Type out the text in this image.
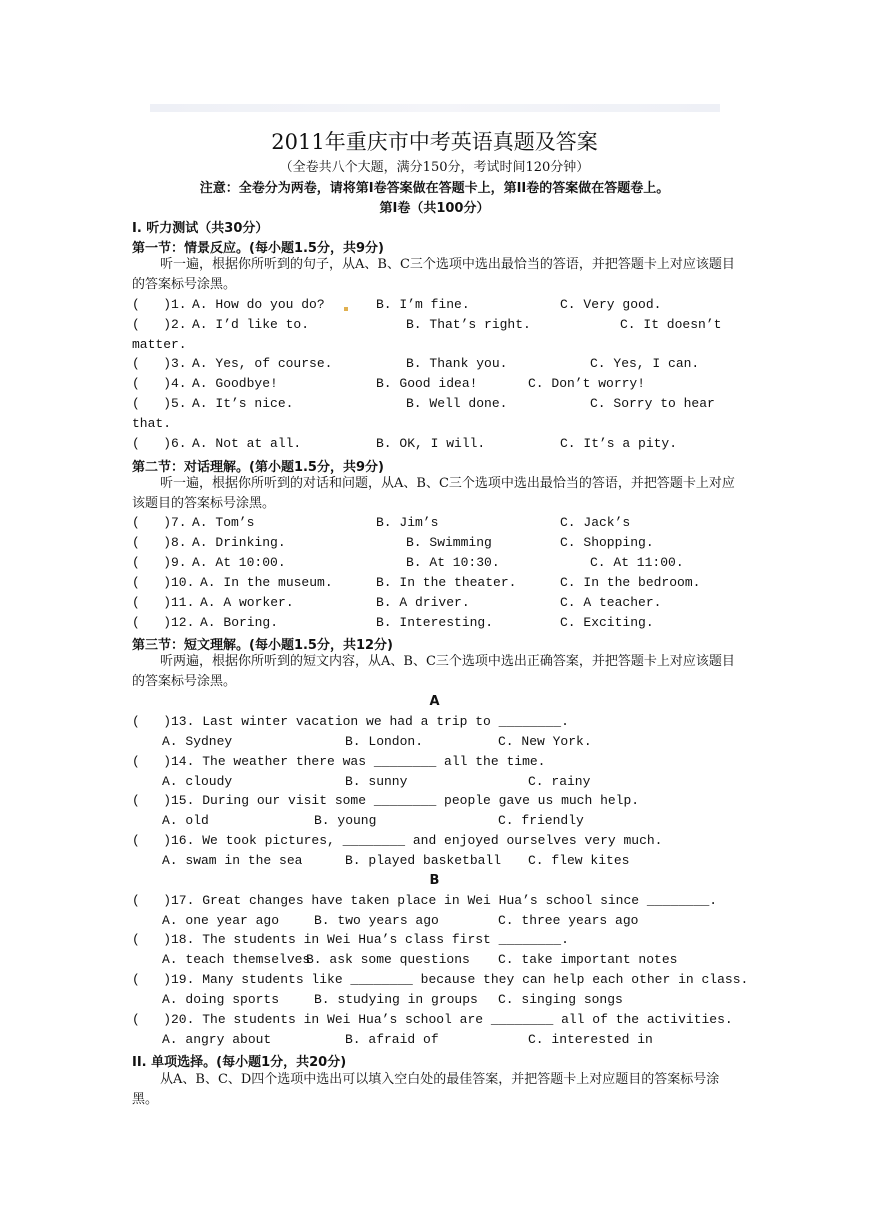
2011年重庆市中考英语真题及答案
（全卷共八个大题，满分150分，考试时间120分钟）
注意：全卷分为两卷，请将第I卷答案做在答题卡上，第II卷的答案做在答题卷上。
第I卷（共100分）
I. 听力测试（共30分）
第一节：情景反应。(每小题1.5分，共9分)
听一遍，根据你所听到的句子，从A、B、C三个选项中选出最恰当的答语，并把答题卡上对应该题目的答案标号涂黑。
(   )1. A. How do you do?	B. I’m fine.	C. Very good.
(   )2. A. I’d like to.	B. That’s right.	C. It doesn’t
matter.
(   )3. A. Yes, of course.	B. Thank you.	C. Yes, I can.
(   )4. A. Goodbye!	B. Good idea!	C. Don’t worry!
(   )5. A. It’s nice.	B. Well done.	C. Sorry to hear
that.
(   )6. A. Not at all.	B. OK, I will.	C. It’s a pity.
第二节：对话理解。(第小题1.5分，共9分)
听一遍，根据你所听到的对话和问题，从A、B、C三个选项中选出最恰当的答语，并把答题卡上对应该题目的答案标号涂黑。
(   )7. A. Tom’s	B. Jim’s	C. Jack’s
(   )8. A. Drinking.	B. Swimming	C. Shopping.
(   )9. A. At 10:00.	B. At 10:30.	C. At 11:00.
(   )10. A. In the museum.	B. In the theater.	C. In the bedroom.
(   )11. A. A worker.	B. A driver.	C. A teacher.
(   )12. A. Boring.	B. Interesting.	C. Exciting.
第三节：短文理解。(每小题1.5分，共12分)
听两遍，根据你所听到的短文内容，从A、B、C三个选项中选出正确答案，并把答题卡上对应该题目的答案标号涂黑。
A
(   )13. Last winter vacation we had a trip to ________.
A. Sydney	B. London.	C. New York.
(   )14. The weather there was ________ all the time.
A. cloudy	B. sunny	C. rainy
(   )15. During our visit some ________ people gave us much help.
A. old	B. young	C. friendly
(   )16. We took pictures, ________ and enjoyed ourselves very much.
A. swam in the sea	B. played basketball C. flew kites
B
(   )17. Great changes have taken place in Wei Hua’s school since ________.
A. one year ago	B. two years ago	C. three years ago
(   )18. The students in Wei Hua’s class first ________.
A. teach themselves
B. ask some questions C. take important notes
(   )19. Many students like ________ because they can help each other in class.
A. doing sports	B. studying in groups C. singing songs
(   )20. The students in Wei Hua’s school are ________ all of the activities.
A. angry about	B. afraid of	C. interested in
II. 单项选择。(每小题1分，共20分)
从A、B、C、D四个选项中选出可以填入空白处的最佳答案，并把答题卡上对应题目的答案标号涂黑。
